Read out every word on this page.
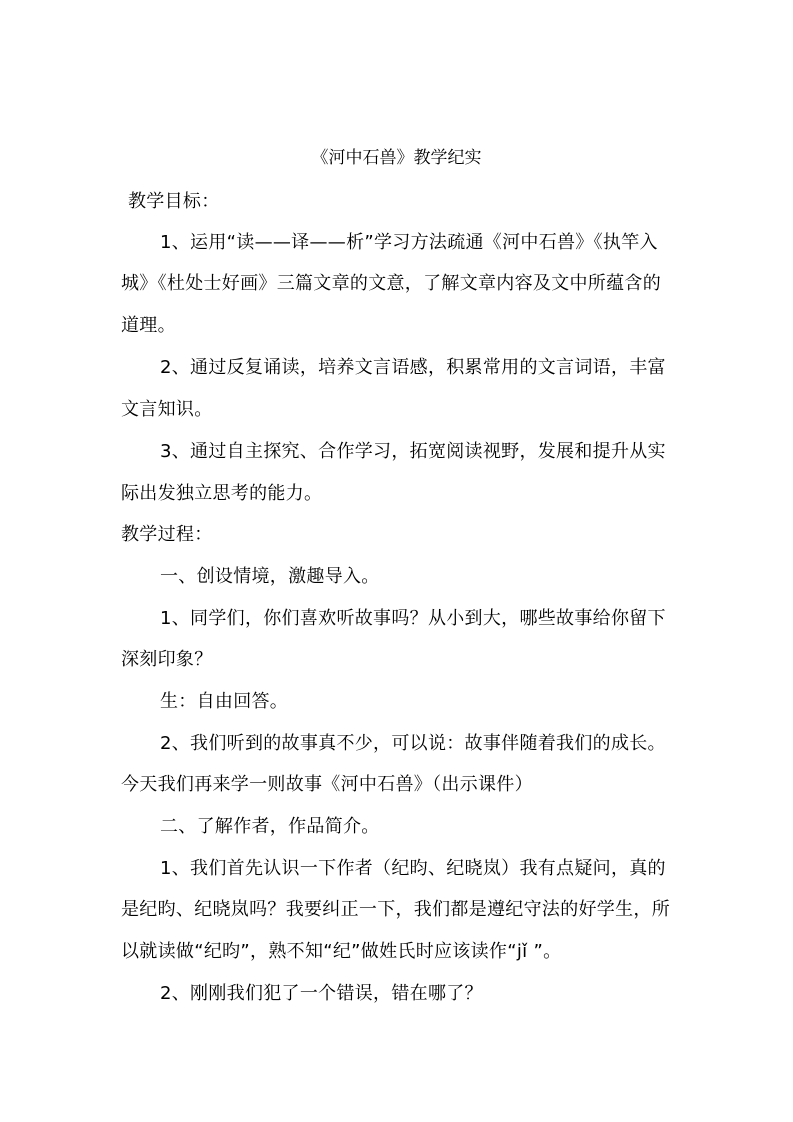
《河中石兽》教学纪实
教学目标：
1、运用“读——译——析”学习方法疏通《河中石兽》《执竿入
城》《杜处士好画》三篇文章的文意，了解文章内容及文中所蕴含的
道理。
2、通过反复诵读，培养文言语感，积累常用的文言词语，丰富
文言知识。
3、通过自主探究、合作学习，拓宽阅读视野，发展和提升从实
际出发独立思考的能力。
教学过程：
一、创设情境，激趣导入。
1、同学们，你们喜欢听故事吗？从小到大，哪些故事给你留下
深刻印象？
生：自由回答。
2、我们听到的故事真不少，可以说：故事伴随着我们的成长。
今天我们再来学一则故事《河中石兽》（出示课件）
二、了解作者，作品简介。
1、我们首先认识一下作者（纪昀、纪晓岚）我有点疑问，真的
是纪昀、纪晓岚吗？我要纠正一下，我们都是遵纪守法的好学生，所
以就读做“纪昀”，熟不知“纪”做姓氏时应该读作“jǐ ”。
2、刚刚我们犯了一个错误，错在哪了？
